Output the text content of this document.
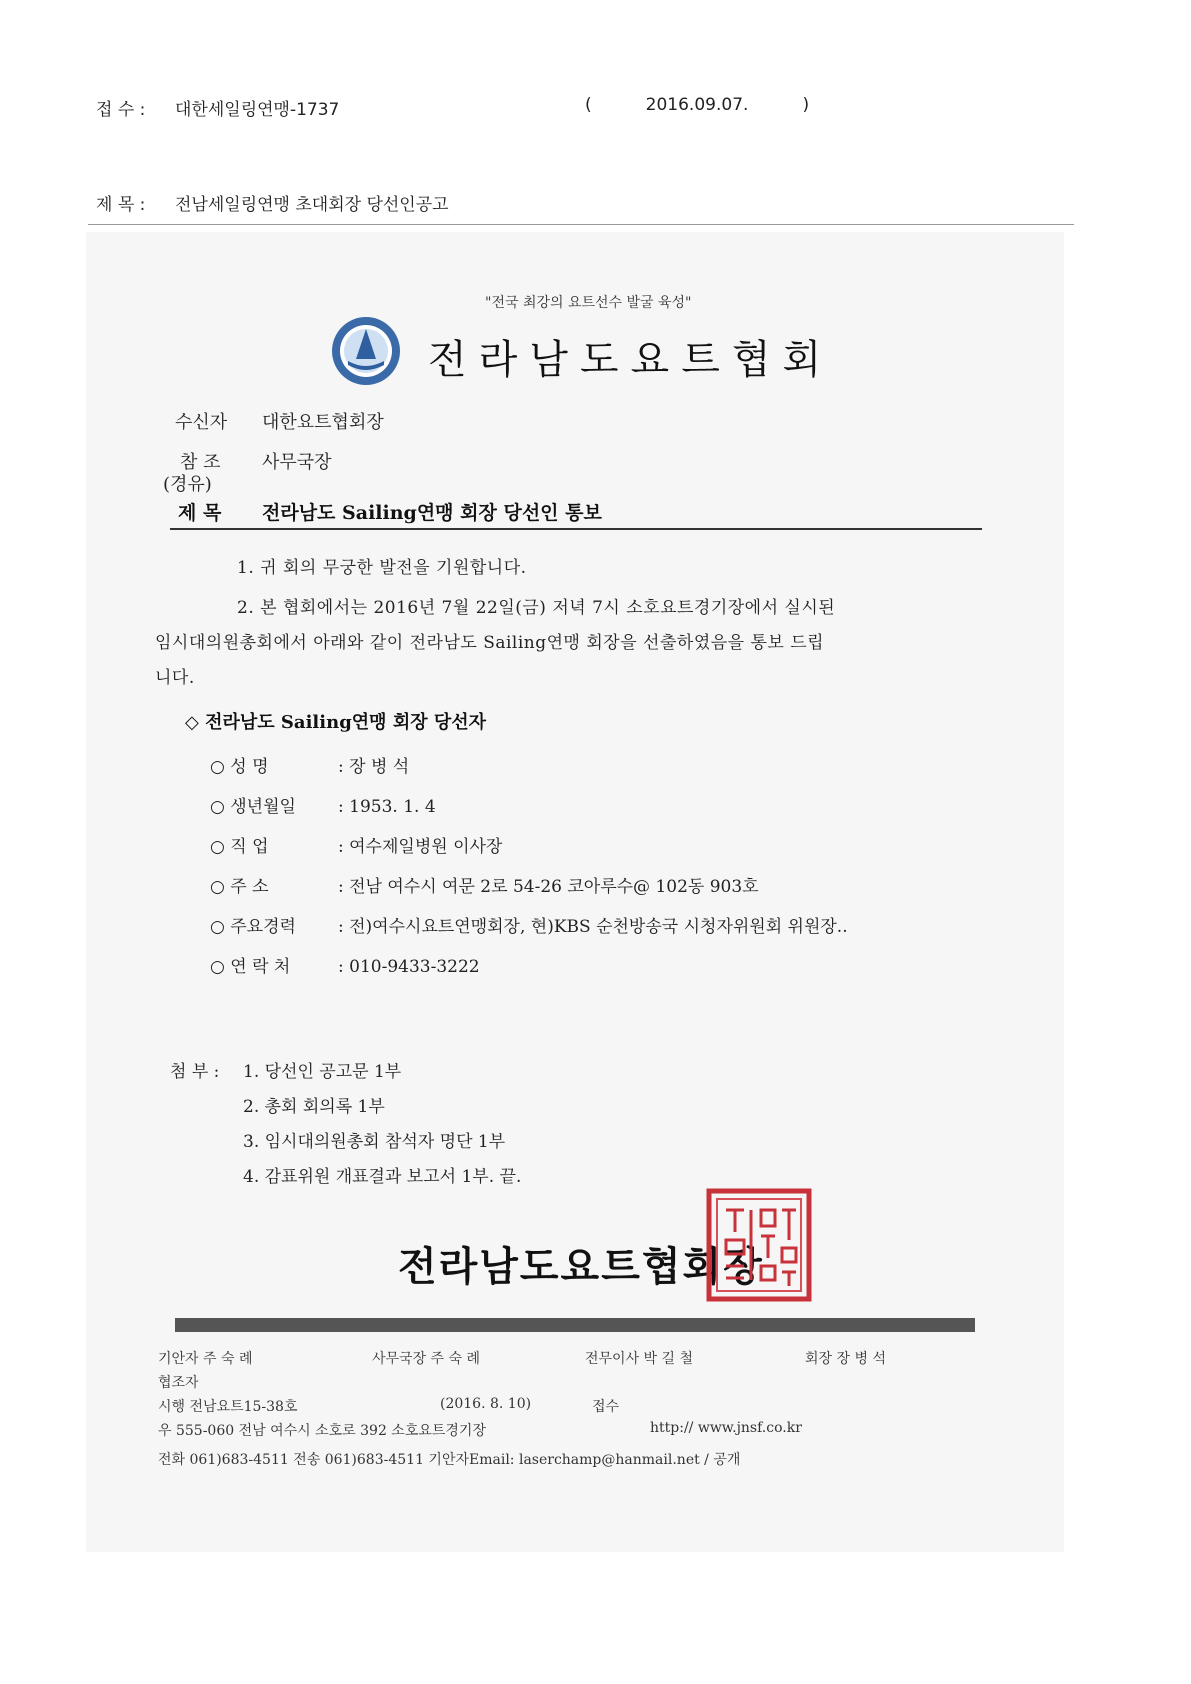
접 수 : 대한세일링연맹-1737	(          2016.09.07.          )
제 목 : 전남세일링연맹 초대회장 당선인공고
"전국 최강의 요트선수 발굴 육성"
전라남도요트협회
수신자 대한요트협회장
참 조 사무국장
(경유)
제 목 전라남도 Sailing연맹 회장 당선인 통보
1. 귀 회의 무궁한 발전을 기원합니다.
2. 본 협회에서는 2016년 7월 22일(금) 저녁 7시 소호요트경기장에서 실시된
임시대의원총회에서 아래와 같이 전라남도 Sailing연맹 회장을 선출하였음을 통보 드립
니다.
◇ 전라남도 Sailing연맹 회장 당선자
○ 성 명	: 장 병 석
○ 생년월일 : 1953. 1. 4
○ 직 업	: 여수제일병원 이사장
○ 주 소	: 전남 여수시 여문 2로 54-26 코아루수@ 102동 903호
○ 주요경력 : 전)여수시요트연맹회장, 현)KBS 순천방송국 시청자위원회 위원장..
○ 연 락 처	: 010-9433-3222
첨 부 : 1. 당선인 공고문 1부
2. 총회 회의록 1부
3. 임시대의원총회 참석자 명단 1부
4. 감표위원 개표결과 보고서 1부. 끝.
전라남도요트협회장
기안자 주 숙 례	사무국장 주 숙 례	전무이사 박 길 철	회장 장 병 석
협조자
시행 전남요트15-38호	(2016. 8. 10)	접수
우 555-060 전남 여수시 소호로 392 소호요트경기장	http:// www.jnsf.co.kr
전화 061)683-4511 전송 061)683-4511 기안자Email: laserchamp@hanmail.net / 공개
